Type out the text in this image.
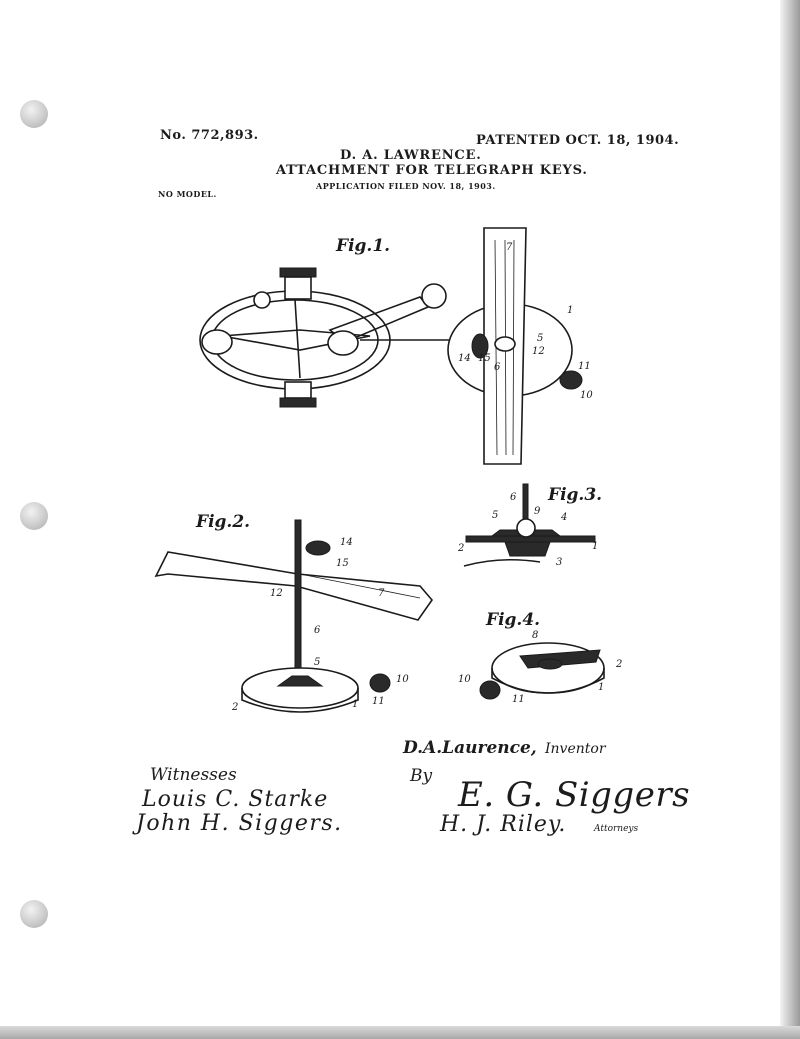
No. 772,893.	PATENTED OCT. 18, 1904.
D. A. LAWRENCE.
ATTACHMENT FOR TELEGRAPH KEYS.
APPLICATION FILED NOV. 18, 1903.
NO MODEL.
Fig.1.	7
1
5
12
14 15
6	11
10
Fig.2.
14
15
12	7
6
5
10
11
1
2
Fig.3.
6
5	9
4
2
3
1
Fig.4.
8
2
10
11
1
D.A.Laurence, Inventor
Witnesses
Louis C. Starke
John H. Siggers.
By E. G. Siggers
H. J. Riley.	Attorneys
